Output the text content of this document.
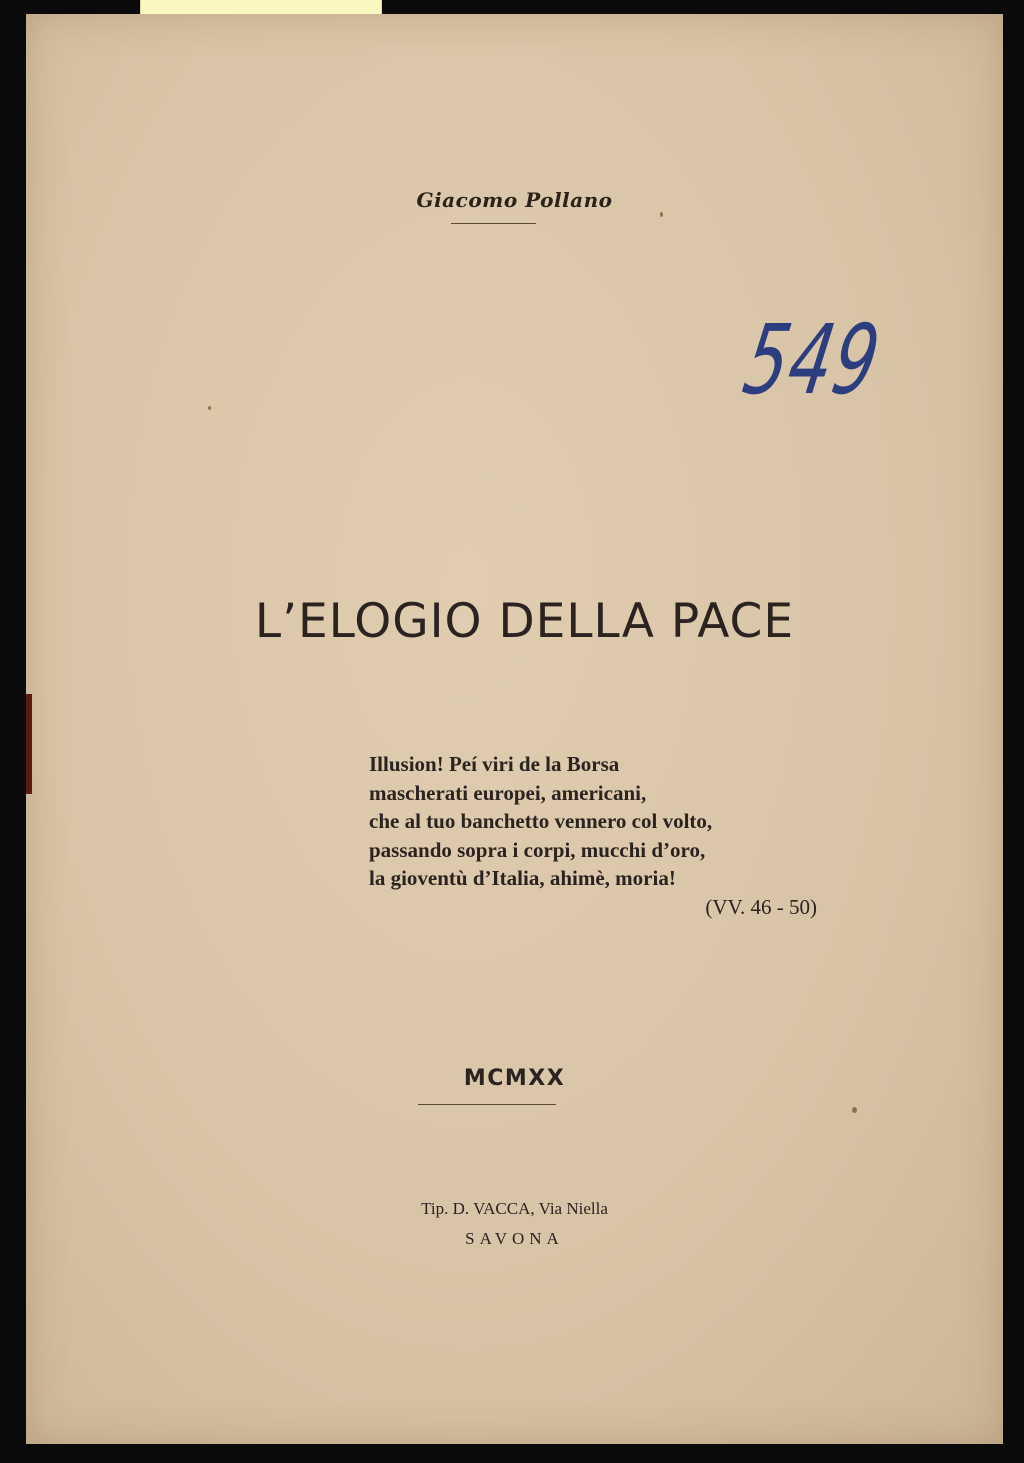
Giacomo Pollano
549
L’ELOGIO DELLA PACE
Illusion! Peí viri de la Borsa
mascherati europei, americani,
che al tuo banchetto vennero col volto,
passando sopra i corpi, mucchi d’oro,
la gioventù d’Italia, ahimè, moria!
(VV. 46 - 50)
MCMXX
Tip. D. VACCA, Via Niella
SAVONA
